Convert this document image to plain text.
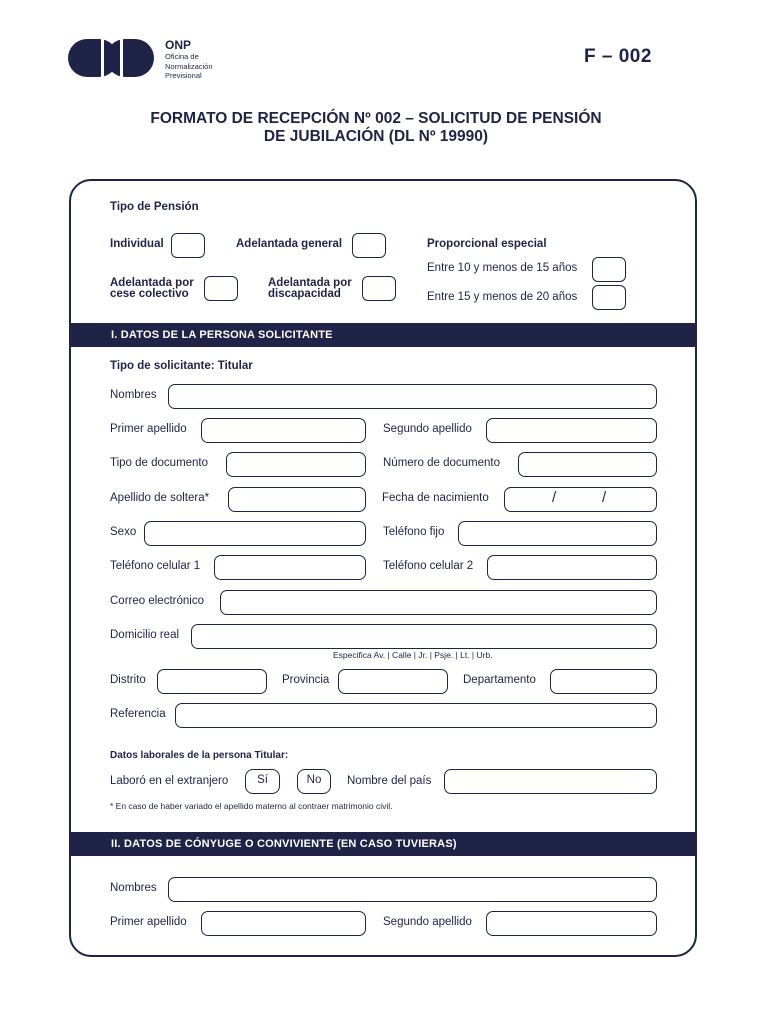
ONP
Oficina de
Normalización
Previsional
F – 002
FORMATO DE RECEPCIÓN Nº 002 – SOLICITUD DE PENSIÓN
DE JUBILACIÓN (DL Nº 19990)
Tipo de Pensión
Individual	Adelantada general	Proporcional especial
Adelantada por
cese colectivo
Adelantada por
discapacidad
Entre 10 y menos de 15 años
Entre 15 y menos de 20 años
I. DATOS DE LA PERSONA SOLICITANTE
Tipo de solicitante: Titular
Nombres
Primer apellido	Segundo apellido
Tipo de documento	Número de documento
Apellido de soltera*	Fecha de nacimiento	/	/
Sexo	Teléfono fijo
Teléfono celular 1	Teléfono celular 2
Correo electrónico
Domicilio real
Especifica Av. | Calle | Jr. | Psje. | Lt. | Urb.
Distrito	Provincia	Departamento
Referencia
Datos laborales de la persona Titular:
Laboró en el extranjero	Sí	No	Nombre del país
* En caso de haber variado el apellido materno al contraer matrimonio civil.
II. DATOS DE CÓNYUGE O CONVIVIENTE (EN CASO TUVIERAS)
Nombres
Primer apellido	Segundo apellido
